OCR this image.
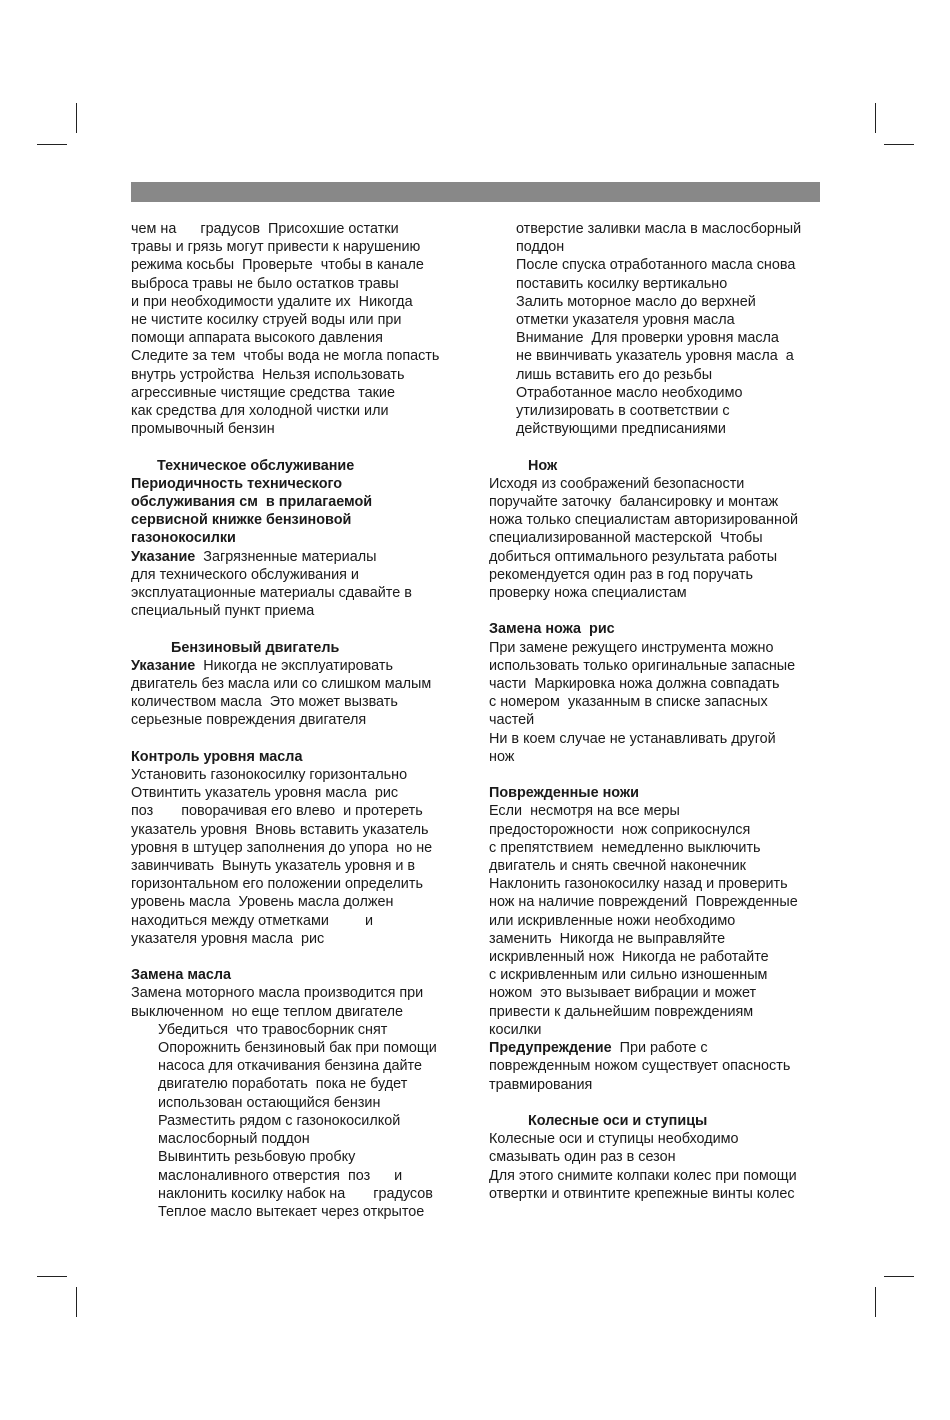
чем на      градусов  Присохшие остатки
травы и грязь могут привести к нарушению
режима косьбы  Проверьте  чтобы в канале
выброса травы не было остатков травы
и при необходимости удалите их  Никогда
не чистите косилку струей воды или при
помощи аппарата высокого давления
Следите за тем  чтобы вода не могла попасть
внутрь устройства  Нельзя использовать
агрессивные чистящие средства  такие
как средства для холодной чистки или
промывочный бензин

Техническое обслуживание

Периодичность технического
обслуживания см  в прилагаемой
сервисной книжке бензиновой
газонокосилки

Указание  Загрязненные материалы
для технического обслуживания и
эксплуатационные материалы сдавайте в
специальный пункт приема

Бензиновый двигатель

Указание  Никогда не эксплуатировать
двигатель без масла или со слишком малым
количеством масла  Это может вызвать
серьезные повреждения двигателя

Контроль уровня масла

Установить газонокосилку горизонтально
Отвинтить указатель уровня масла  рис
поз       поворачивая его влево  и протереть
указатель уровня  Вновь вставить указатель
уровня в штуцер заполнения до упора  но не
завинчивать  Вынуть указатель уровня и в
горизонтальном его положении определить
уровень масла  Уровень масла должен
находиться между отметками         и
указателя уровня масла  рис

Замена масла

Замена моторного масла производится при
выключенном  но еще теплом двигателе

Убедиться  что травосборник снят
Опорожнить бензиновый бак при помощи
насоса для откачивания бензина дайте
двигателю поработать  пока не будет
использован остающийся бензин
Разместить рядом с газонокосилкой
маслосборный поддон
Вывинтить резьбовую пробку
маслоналивного отверстия  поз      и
наклонить косилку набок на       градусов
Теплое масло вытекает через открытое

отверстие заливки масла в маслосборный
поддон
После спуска отработанного масла снова
поставить косилку вертикально
Залить моторное масло до верхней
отметки указателя уровня масла
Внимание  Для проверки уровня масла
не ввинчивать указатель уровня масла  а
лишь вставить его до резьбы
Отработанное масло необходимо
утилизировать в соответствии с
действующими предписаниями

Нож

Исходя из соображений безопасности
поручайте заточку  балансировку и монтаж
ножа только специалистам авторизированной
специализированной мастерской  Чтобы
добиться оптимального результата работы
рекомендуется один раз в год поручать
проверку ножа специалистам

Замена ножа  рис

При замене режущего инструмента можно
использовать только оригинальные запасные
части  Маркировка ножа должна совпадать
с номером  указанным в списке запасных
частей
Ни в коем случае не устанавливать другой
нож

Поврежденные ножи

Если  несмотря на все меры
предосторожности  нож соприкоснулся
с препятствием  немедленно выключить
двигатель и снять свечной наконечник
Наклонить газонокосилку назад и проверить
нож на наличие повреждений  Поврежденные
или искривленные ножи необходимо
заменить  Никогда не выправляйте
искривленный нож  Никогда не работайте
с искривленным или сильно изношенным
ножом  это вызывает вибрации и может
привести к дальнейшим повреждениям
косилки

Предупреждение  При работе с
поврежденным ножом существует опасность
травмирования

Колесные оси и ступицы

Колесные оси и ступицы необходимо
смазывать один раз в сезон
Для этого снимите колпаки колес при помощи
отвертки и отвинтите крепежные винты колес
